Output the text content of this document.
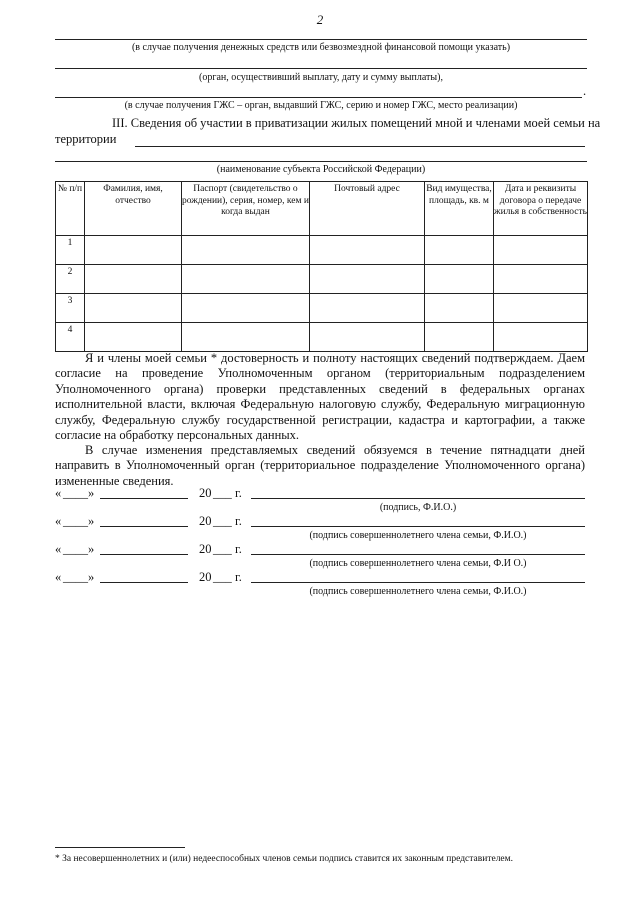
2
(в случае получения денежных средств или безвозмездной финансовой помощи указать)
(орган, осуществивший выплату, дату и сумму выплаты),
.
(в случае получения ГЖС – орган, выдавший ГЖС, серию и номер ГЖС, место реализации)
III. Сведения об участии в приватизации жилых помещений мной и членами моей семьи на
территории
(наименование субъекта Российской Федерации)
№ п/п	Фамилия, имя, отчество	Паспорт (свидетельство о рождении), серия, номер, кем и когда выдан	Почтовый адрес	Вид имущества, площадь, кв. м	Дата и реквизиты договора о передаче жилья в собственность
1					
2					
3					
4					
Я и члены моей семьи * достоверность и полноту настоящих сведений подтверждаем. Даем согласие на проведение Уполномоченным органом (территориальным подразделением Уполномоченного органа) проверки представленных сведений в федеральных органах исполнительной власти, включая Федеральную налоговую службу, Федеральную миграционную службу, Федеральную службу государственной регистрации, кадастра и картографии, а также согласие на обработку персональных данных.
В случае изменения представляемых сведений обязуемся в течение пятнадцати дней направить в Уполномоченный орган (территориальное подразделение Уполномоченного органа) измененные сведения.
« ____ »	20 ___ г.
(подпись, Ф.И.О.)
« ____ »	20 ___ г.
(подпись совершеннолетнего члена семьи, Ф.И.О.)
« ____ »	20 ___ г.
(подпись совершеннолетнего члена семьи, Ф.И О.)
« ____ »	20 ___ г.
(подпись совершеннолетнего члена семьи, Ф.И.О.)
* За несовершеннолетних и (или) недееспособных членов семьи подпись ставится их законным представителем.
